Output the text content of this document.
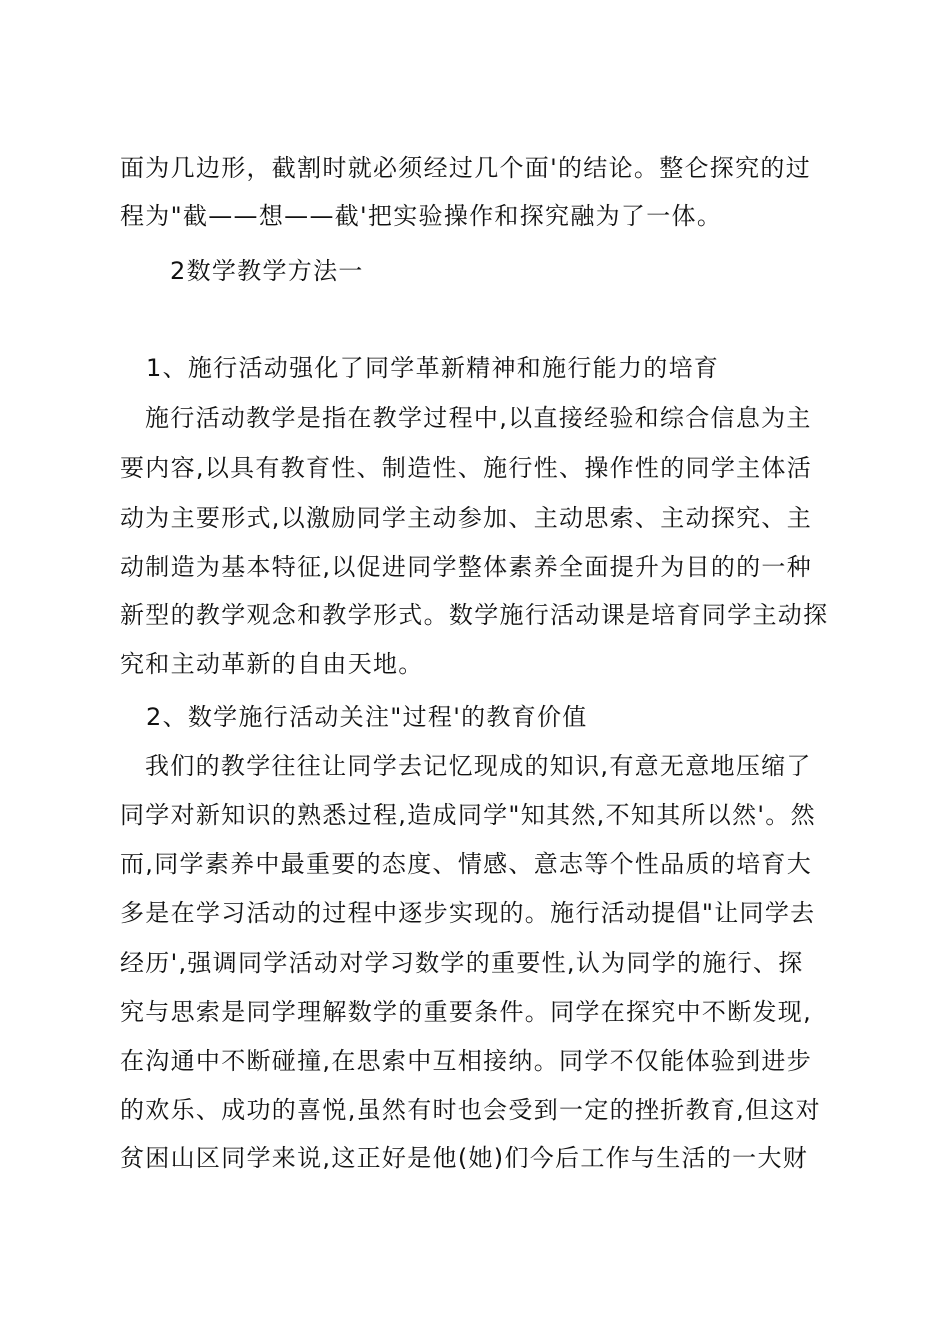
面为几边形，截割时就必须经过几个面'的结论。整仑探究的过
程为"截——想——截'把实验操作和探究融为了一体。
2数学教学方法一
1、施行活动强化了同学革新精神和施行能力的培育
施行活动教学是指在教学过程中,以直接经验和综合信息为主
要内容,以具有教育性、制造性、施行性、操作性的同学主体活
动为主要形式,以激励同学主动参加、主动思索、主动探究、主
动制造为基本特征,以促进同学整体素养全面提升为目的的一种
新型的教学观念和教学形式。数学施行活动课是培育同学主动探
究和主动革新的自由天地。
2、数学施行活动关注"过程'的教育价值
我们的教学往往让同学去记忆现成的知识,有意无意地压缩了
同学对新知识的熟悉过程,造成同学"知其然,不知其所以然'。然
而,同学素养中最重要的态度、情感、意志等个性品质的培育大
多是在学习活动的过程中逐步实现的。施行活动提倡"让同学去
经历',强调同学活动对学习数学的重要性,认为同学的施行、探
究与思索是同学理解数学的重要条件。同学在探究中不断发现,
在沟通中不断碰撞,在思索中互相接纳。同学不仅能体验到进步
的欢乐、成功的喜悦,虽然有时也会受到一定的挫折教育,但这对
贫困山区同学来说,这正好是他(她)们今后工作与生活的一大财
